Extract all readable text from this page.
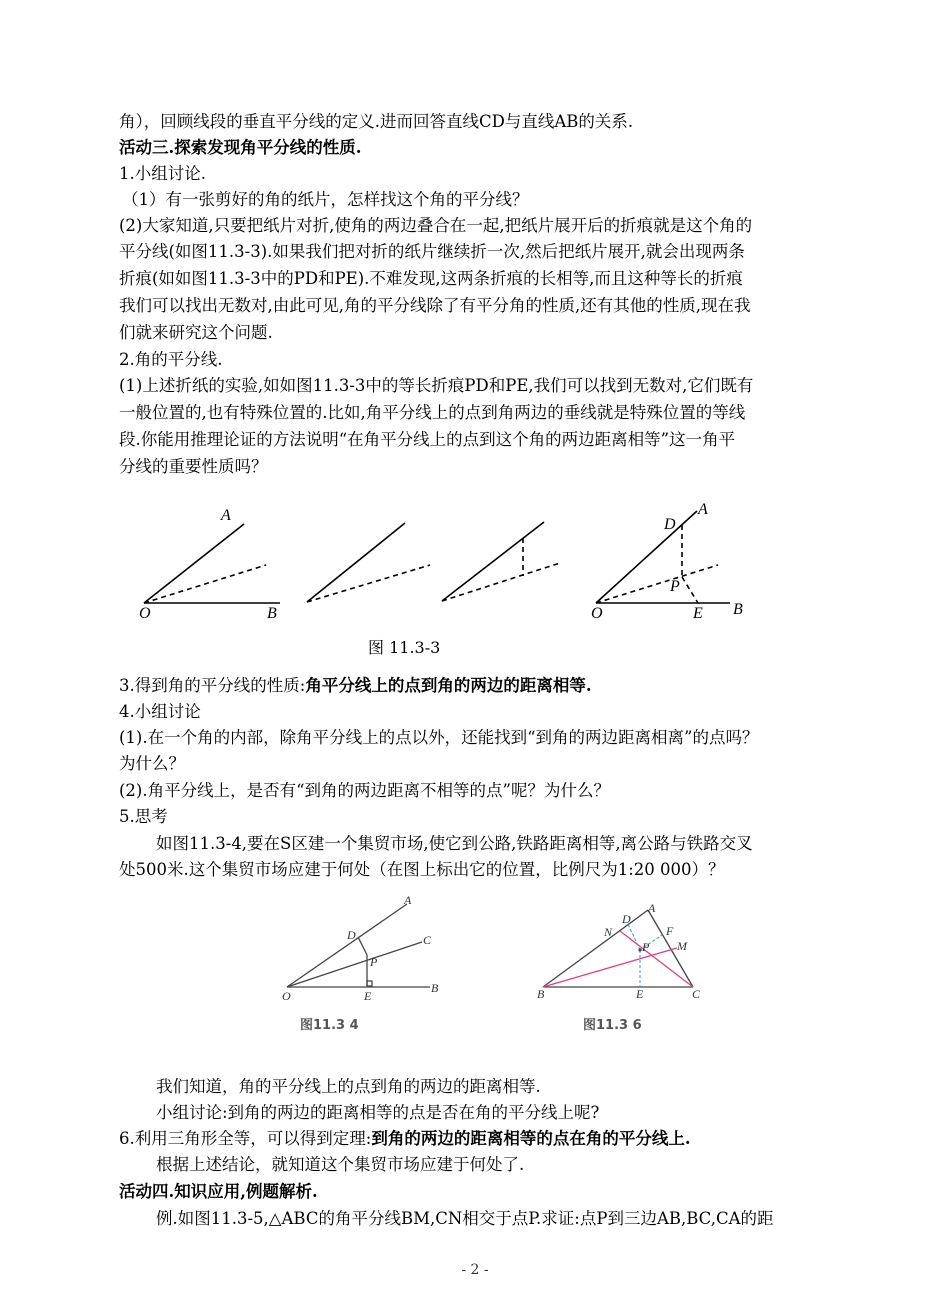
角），回顾线段的垂直平分线的定义.进而回答直线CD与直线AB的关系.
活动三.探索发现角平分线的性质.
1.小组讨论.
（1）有一张剪好的角的纸片，怎样找这个角的平分线？
(2)大家知道,只要把纸片对折,使角的两边叠合在一起,把纸片展开后的折痕就是这个角的
平分线(如图11.3-3).如果我们把对折的纸片继续折一次,然后把纸片展开,就会出现两条
折痕(如如图11.3-3中的PD和PE).不难发现,这两条折痕的长相等,而且这种等长的折痕
我们可以找出无数对,由此可见,角的平分线除了有平分角的性质,还有其他的性质,现在我
们就来研究这个问题.
2.角的平分线.
(1)上述折纸的实验,如如图11.3-3中的等长折痕PD和PE,我们可以找到无数对,它们既有
一般位置的,也有特殊位置的.比如,角平分线上的点到角两边的垂线就是特殊位置的等线
段.你能用推理论证的方法说明“在角平分线上的点到这个角的两边距离相等”这一角平
分线的重要性质吗？
A
O	B
D
A
P
O	E B
图 11.3-3
3.得到角的平分线的性质:角平分线上的点到角的两边的距离相等.
4.小组讨论
(1).在一个角的内部，除角平分线上的点以外，还能找到“到角的两边距离相离”的点吗？
为什么？
(2).角平分线上，是否有“到角的两边距离不相等的点”呢？为什么？
5.思考
如图11.3-4,要在S区建一个集贸市场,使它到公路,铁路距离相等,离公路与铁路交叉
处500米.这个集贸市场应建于何处（在图上标出它的位置，比例尺为1:20 000）？
A
D	C
P
O	E
B
图11.3 4
A
D
F
N
M
P
B	E	C
图11.3 6
我们知道，角的平分线上的点到角的两边的距离相等.
小组讨论:到角的两边的距离相等的点是否在角的平分线上呢?
6.利用三角形全等，可以得到定理:到角的两边的距离相等的点在角的平分线上.
根据上述结论，就知道这个集贸市场应建于何处了.
活动四.知识应用,例题解析.
例.如图11.3-5,△ABC的角平分线BM,CN相交于点P.求证:点P到三边AB,BC,CA的距
- 2 -
